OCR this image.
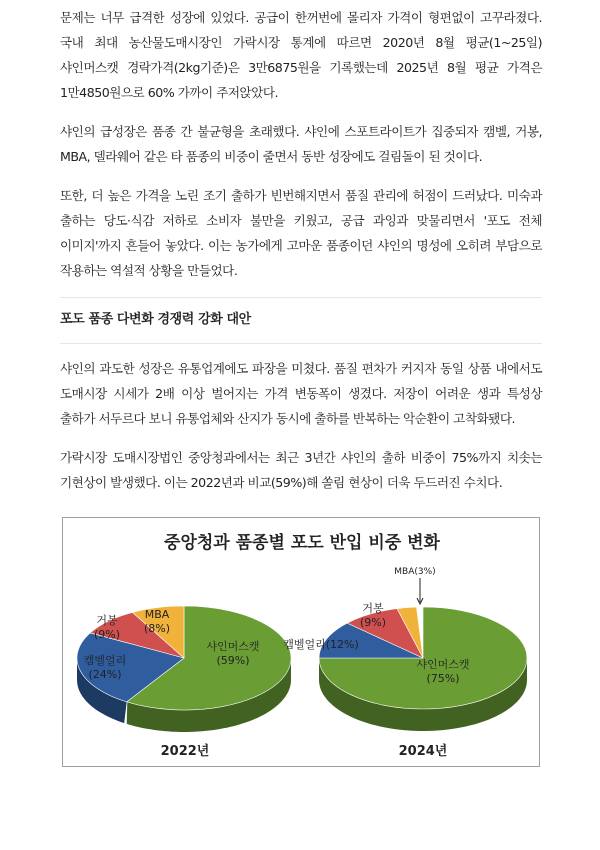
문제는 너무 급격한 성장에 있었다. 공급이 한꺼번에 몰리자 가격이 형편없이 고꾸라졌다. 국내 최대 농산물도매시장인 가락시장 통계에 따르면 2020년 8월 평균(1~25일) 샤인머스캣 경락가격(2kg기준)은 3만6875원을 기록했는데 2025년 8월 평균 가격은 1만4850원으로 60% 가까이 주저앉았다.

샤인의 급성장은 품종 간 불균형을 초래했다. 샤인에 스포트라이트가 집중되자 캠벨, 거봉, MBA, 델라웨어 같은 타 품종의 비중이 줄면서 동반 성장에도 걸림돌이 된 것이다.

또한, 더 높은 가격을 노린 조기 출하가 빈번해지면서 품질 관리에 허점이 드러났다. 미숙과 출하는 당도·식감 저하로 소비자 불만을 키웠고, 공급 과잉과 맞물리면서 '포도 전체 이미지'까지 흔들어 놓았다. 이는 농가에게 고마운 품종이던 샤인의 명성에 오히려 부담으로 작용하는 역설적 상황을 만들었다.

포도 품종 다변화 경쟁력 강화 대안

샤인의 과도한 성장은 유통업계에도 파장을 미쳤다. 품질 편차가 커지자 동일 상품 내에서도 도매시장 시세가 2배 이상 벌어지는 가격 변동폭이 생겼다. 저장이 어려운 생과 특성상 출하가 서두르다 보니 유통업체와 산지가 동시에 출하를 반복하는 악순환이 고착화됐다.

가락시장 도매시장법인 중앙청과에서는 최근 3년간 샤인의 출하 비중이 75%까지 치솟는 기현상이 발생했다. 이는 2022년과 비교(59%)해 쏠림 현상이 더욱 두드러진 수치다.

중앙청과 품종별 포도 반입 비중 변화
샤인머스캣
(59%)
캠벨얼리
(24%)
거봉
(9%)
MBA
(8%)
샤인머스캣
(75%)
캠벨얼리(12%)
거봉
(9%)
MBA(3%)
2022년	2024년
